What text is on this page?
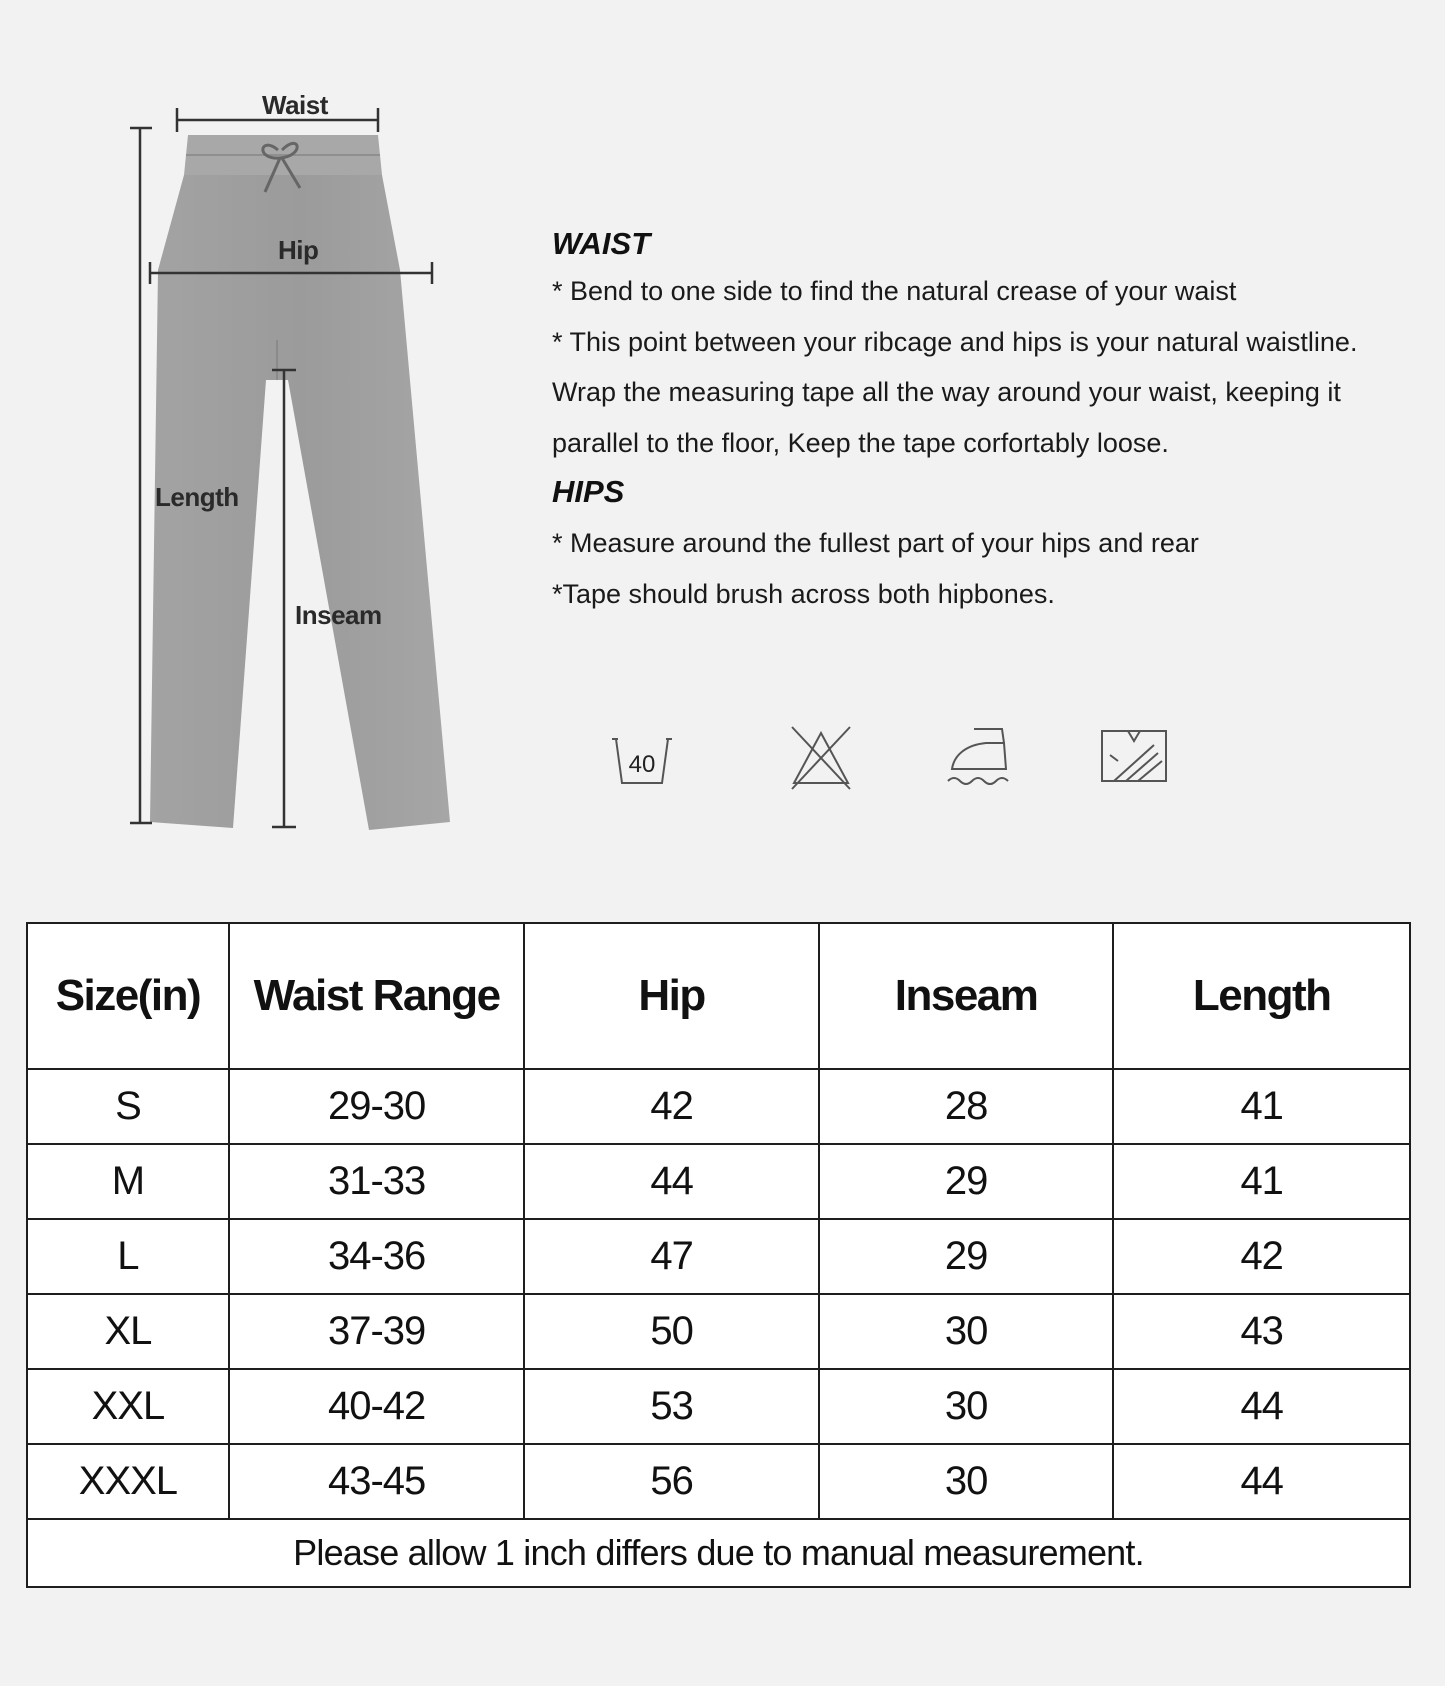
Waist
Hip
Length
Inseam
WAIST

* Bend to one side to find the natural crease of your waist

* This point between your ribcage and hips is your natural waistline.

Wrap the measuring tape all the way around your waist, keeping it

parallel to the floor, Keep the tape corfortably loose.

HIPS

* Measure around the fullest part of your hips and rear

*Tape should brush across both hipbones.

40
Size(in)	Waist Range	Hip	Inseam	Length
S	29-30	42	28	41
M	31-33	44	29	41
L	34-36	47	29	42
XL	37-39	50	30	43
XXL	40-42	53	30	44
XXXL	43-45	56	30	44
Please allow 1 inch differs due to manual measurement.				
